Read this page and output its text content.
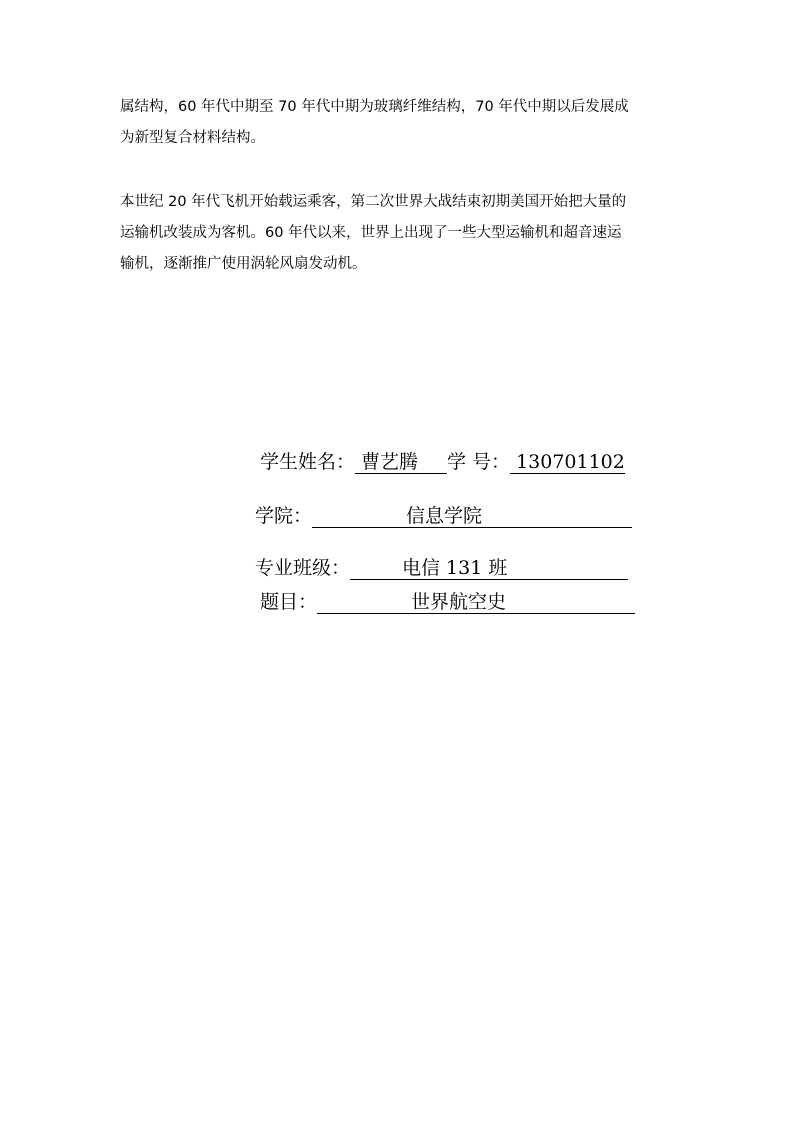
属结构，60 年代中期至 70 年代中期为玻璃纤维结构，70 年代中期以后发展成
为新型复合材料结构。
本世纪 20 年代飞机开始载运乘客，第二次世界大战结束初期美国开始把大量的
运输机改装成为客机。60 年代以来，世界上出现了一些大型运输机和超音速运
输机，逐渐推广使用涡轮风扇发动机。
学生姓名： 曹艺腾 学 号： 130701102
学院：	信息学院
专业班级：	电信 131 班
题目：	世界航空史
